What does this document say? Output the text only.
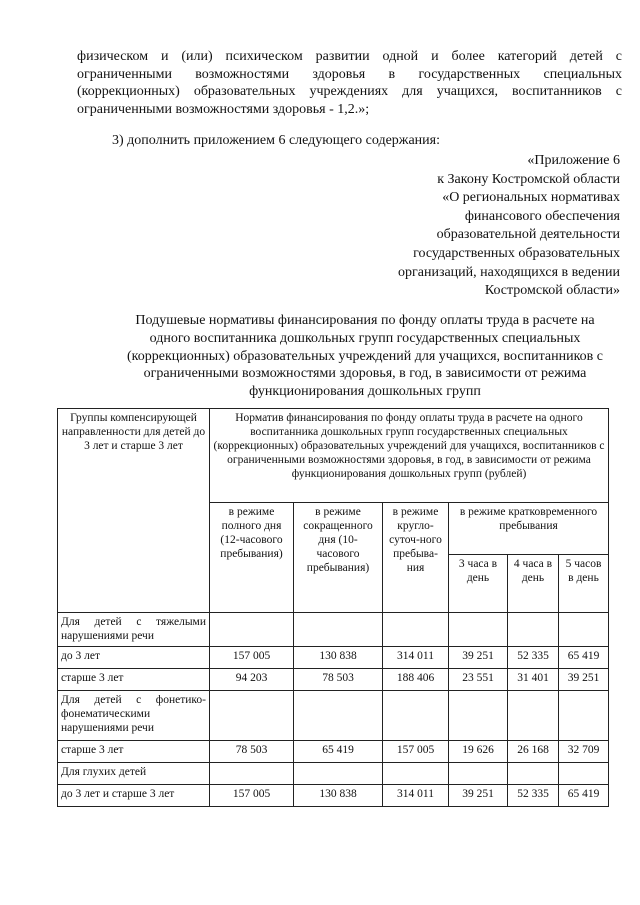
физическом и (или) психическом развитии одной и более категорий детей с
ограниченными возможностями здоровья в государственных специальных
(коррекционных) образовательных учреждениях для учащихся, воспитанников с
ограниченными возможностями здоровья - 1,2.»;

3) дополнить приложением 6 следующего содержания:

«Приложение 6
к Закону Костромской области
«О региональных нормативах
финансового обеспечения
образовательной деятельности
государственных образовательных
организаций, находящихся в ведении
Костромской области»
Подушевые нормативы финансирования по фонду оплаты труда в расчете на
одного воспитанника дошкольных групп государственных специальных
(коррекционных) образовательных учреждений для учащихся, воспитанников с
ограниченными возможностями здоровья, в год, в зависимости от режима
функционирования дошкольных групп
Группы компенсирующей направленности для детей до 3 лет и старше 3 лет	Норматив финансирования по фонду оплаты труда в расчете на одного воспитанника дошкольных групп государственных специальных (коррекционных) образовательных учреждений для учащихся, воспитанников с ограниченными возможностями здоровья, в год, в зависимости от режима функционирования дошкольных групп (рублей)					
	в режиме полного дня (12-часового пребывания)	в режиме сокращенного дня (10-часового пребывания)	в режиме кругло-суточ-ного пребыва-ния	в режиме кратковременного пребывания		
				3 часа в день	4 часа в день	5 часов в день
Для детей с тяжелыми нарушениями речи						
до 3 лет	157 005	130 838	314 011	39 251	52 335	65 419
старше 3 лет	94 203	78 503	188 406	23 551	31 401	39 251
Для детей с фонетико-фонематическими нарушениями речи						
старше 3 лет	78 503	65 419	157 005	19 626	26 168	32 709
Для глухих детей						
до 3 лет и старше 3 лет	157 005	130 838	314 011	39 251	52 335	65 419
